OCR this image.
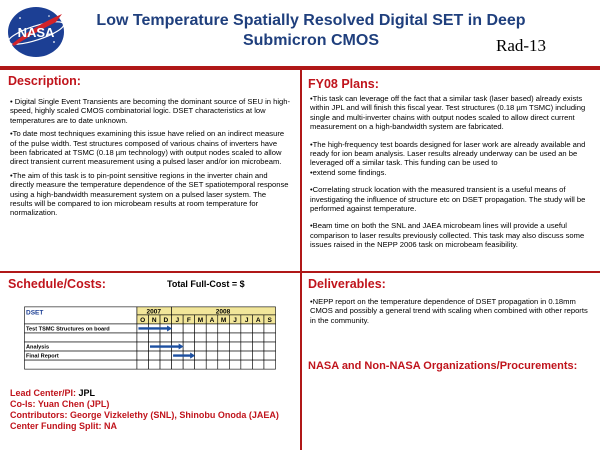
NASA
Low Temperature Spatially Resolved Digital SET in Deep Submicron CMOS	Rad-13
Description:

• Digital Single Event Transients are becoming the dominant source of SEU in high-speed, highly scaled CMOS combinatorial logic. DSET characteristics at low temperatures are to date unknown.

•To date most techniques examining this issue have relied on an indirect measure of the pulse width. Test structures composed of various chains of inverters have been fabricated at TSMC (0.18 µm technology) with output nodes scaled to allow direct transient current measurement using a pulsed laser and/or ion microbeam.

•The aim of this task is to pin-point sensitive regions in the inverter chain and directly measure the temperature dependence of the SET spatiotemporal response using a high-bandwidth measurement system on a pulsed laser system. The results will be compared to ion microbeam results at room temperature for normalization.

FY08 Plans:

•This task can leverage off the fact that a similar task (laser based) already exists within JPL and will finish this fiscal year. Test structures (0.18 µm TSMC) including single and multi-inverter chains with output nodes scaled to allow direct current measurement on a high-bandwidth system are fabricated.

•The high-frequency test boards designed for laser work are already available and ready for ion beam analysis. Laser results already underway can be used an be leveraged off a similar task. This funding can be used to

•extend some findings.

•Correlating struck location with the measured transient is a useful means of investigating the influence of structure etc on DSET propagation. The study will be performed against temperature.

•Beam time on both the SNL and JAEA microbeam lines will provide a useful comparison to laser results previously collected. This task may also discuss some issues raised in the NEPP 2006 task on microbeam feasibility.

Schedule/Costs:	Total Full-Cost = $
DSET	2007	2008
O N D J F M A M J J A S
Test TSMC Structures on board
Analysis
Final Report
Lead Center/PI: JPL
Co-Is: Yuan Chen (JPL)
Contributors: George Vizkelethy (SNL), Shinobu Onoda (JAEA)
Center Funding Split: NA
Deliverables:
•NEPP report on the temperature dependence of DSET propagation in 0.18mm CMOS and possibly a general trend with scaling when combined with other reports in the community.
NASA and Non-NASA Organizations/Procurements:
